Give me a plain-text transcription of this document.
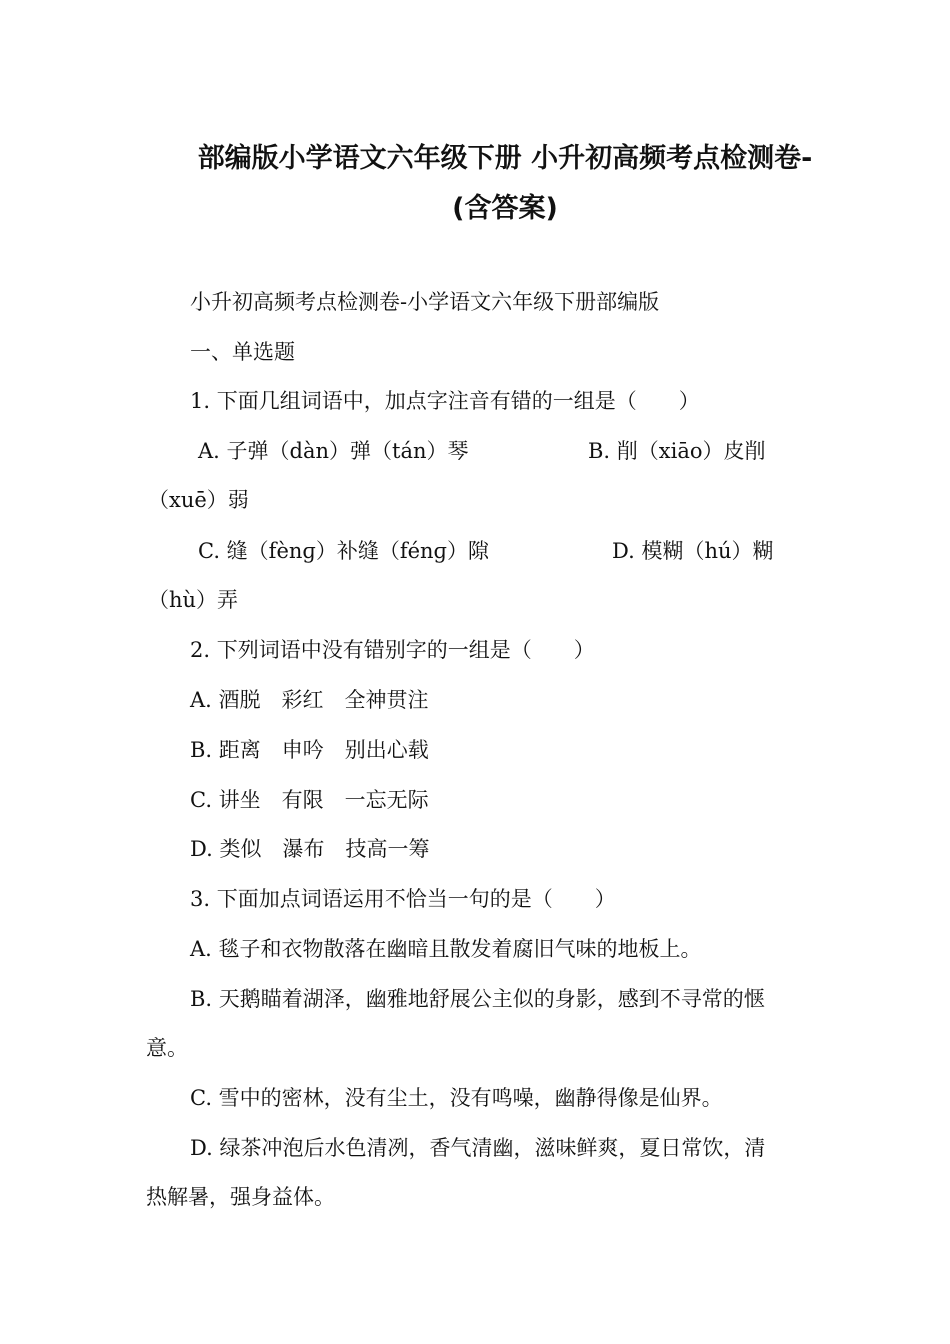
部编版小学语文六年级下册 小升初高频考点检测卷-
(含答案)
小升初高频考点检测卷-小学语文六年级下册部编版
一、单选题
1. 下面几组词语中，加点字注音有错的一组是（　　）
A. 子弹（dàn）弹（tán）琴	B. 削（xiāo）皮削
（xuē）弱
C. 缝（fènɡ）补缝（fénɡ）隙	D. 模糊（hú）糊
（hù）弄
2. 下列词语中没有错别字的一组是（　　）
A. 酒脱　彩红　全神贯注
B. 距离　申吟　别出心载
C. 讲坐　有限　一忘无际
D. 类似　瀑布　技高一筹
3. 下面加点词语运用不恰当一句的是（　　）
A. 毯子和衣物散落在幽暗且散发着腐旧气味的地板上。
B. 天鹅瞄着湖泽，幽雅地舒展公主似的身影，感到不寻常的惬
意。
C. 雪中的密林，没有尘土，没有鸣噪，幽静得像是仙界。
D. 绿茶冲泡后水色清冽，香气清幽，滋味鲜爽，夏日常饮，清
热解暑，强身益体。
